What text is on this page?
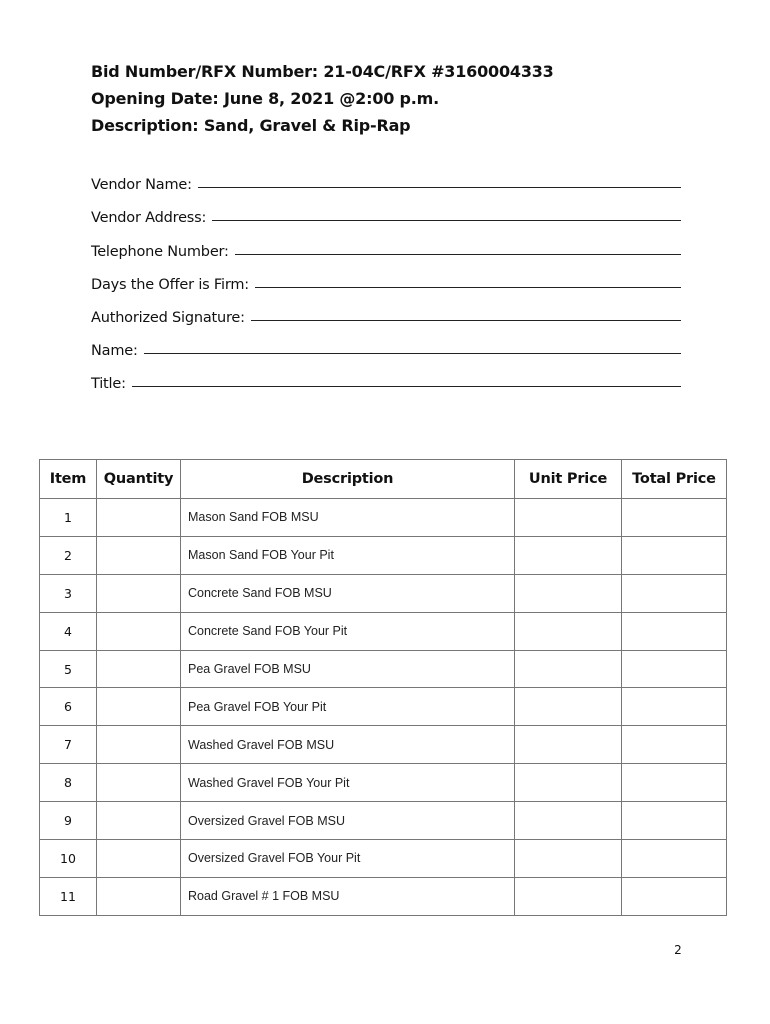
Bid Number/RFX Number: 21-04C/RFX #3160004333
Opening Date: June 8, 2021 @2:00 p.m.
Description: Sand, Gravel & Rip-Rap
Vendor Name:
Vendor Address:
Telephone Number:
Days the Offer is Firm:
Authorized Signature:
Name:
Title:
Item	Quantity	Description	Unit Price	Total Price
1		Mason Sand FOB MSU		
2		Mason Sand FOB Your Pit		
3		Concrete Sand FOB MSU		
4		Concrete Sand FOB Your Pit		
5		Pea Gravel FOB MSU		
6		Pea Gravel FOB Your Pit		
7		Washed Gravel FOB MSU		
8		Washed Gravel FOB Your Pit		
9		Oversized Gravel FOB MSU		
10		Oversized Gravel FOB Your Pit		
11		Road Gravel # 1 FOB MSU		
2
